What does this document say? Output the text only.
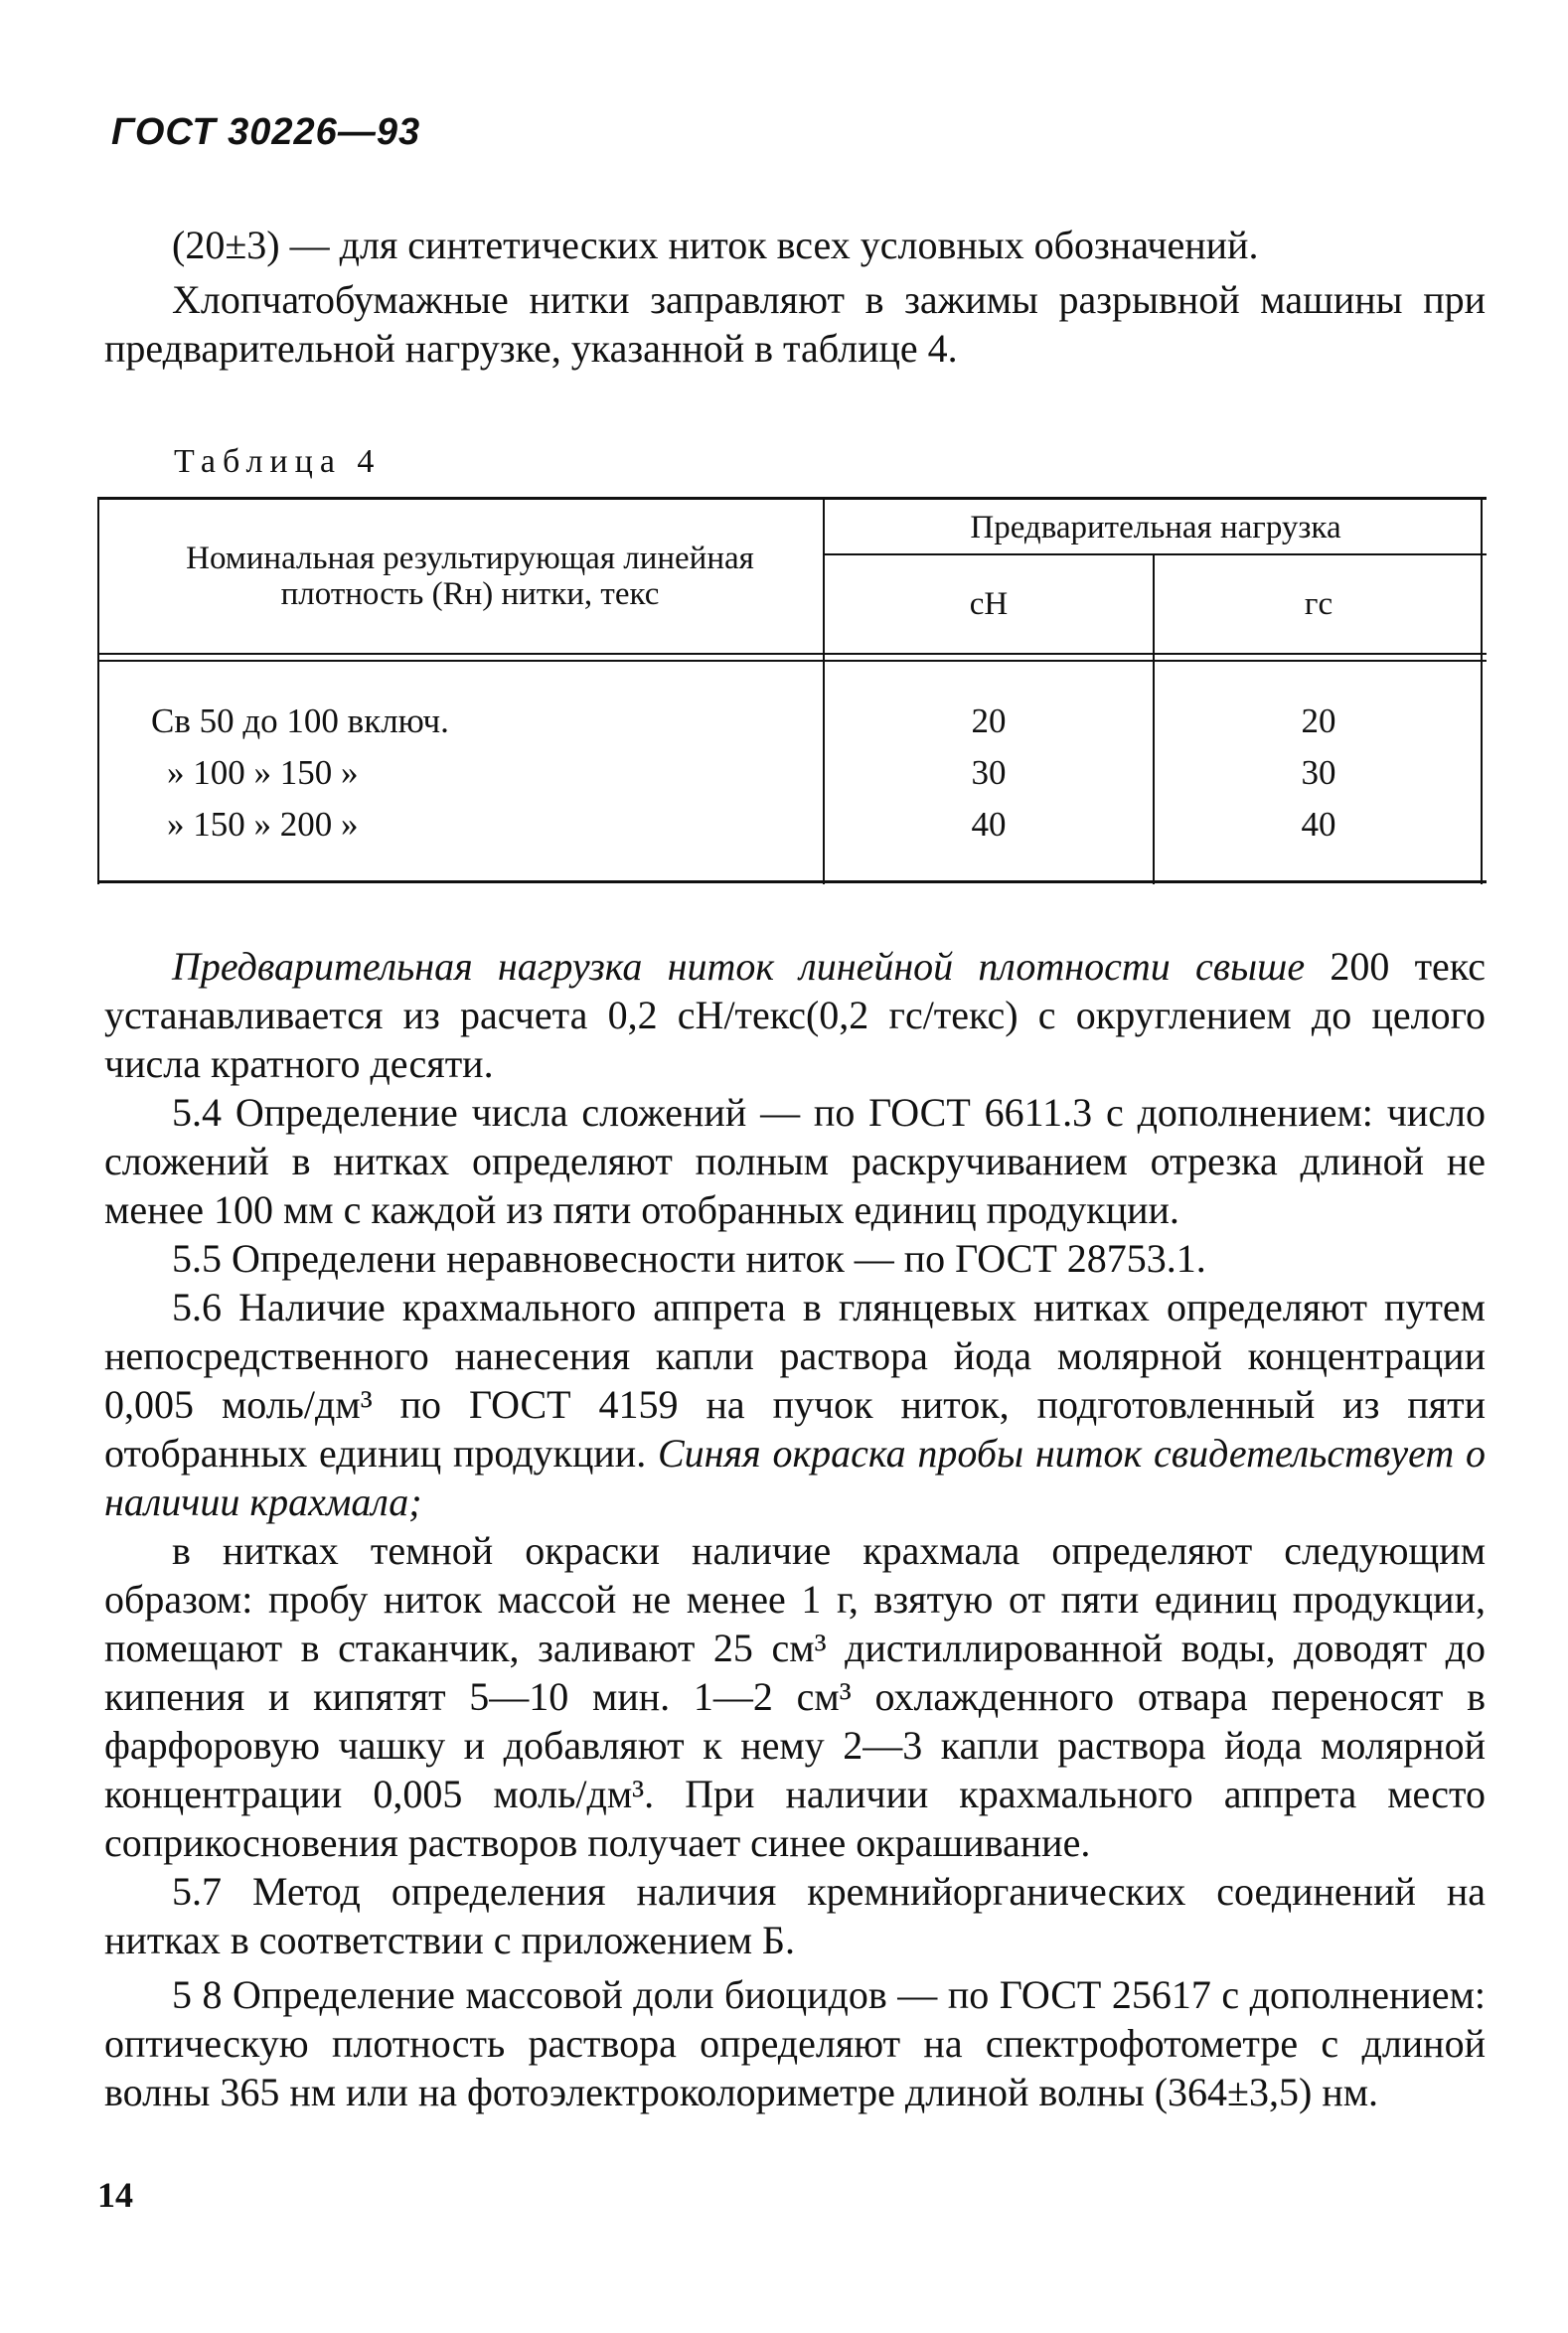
ГОСТ 30226—93

(20±3) — для синтетических ниток всех условных обозначений.

Хлопчатобумажные нитки заправляют в зажимы разрывной машины при предварительной нагрузке, указанной в таблице 4.

Таблица 4
Номинальная результирующая линейная плотность (Rн) нитки, текс
Предварительная нагрузка
сН	гс
Св 50 до 100 включ.	20	20
» 100 » 150 »	30	30
» 150 » 200 »	40	40

Предварительная нагрузка ниток линейной плотности свыше 200 текс устанавливается из расчета 0,2 сН/текс(0,2 гс/текс) с округлением до целого числа кратного десяти.

5.4 Определение числа сложений — по ГОСТ 6611.3 с дополнением: число сложений в нитках определяют полным раскручиванием отрезка длиной не менее 100 мм с каждой из пяти отобранных единиц продукции.

5.5 Определени неравновесности ниток — по ГОСТ 28753.1.

5.6 Наличие крахмального аппрета в глянцевых нитках определяют путем непосредственного нанесения капли раствора йода молярной концентрации 0,005 моль/дм³ по ГОСТ 4159 на пучок ниток, подготовленный из пяти отобранных единиц продукции. Синяя окраска пробы ниток свидетельствует о наличии крахмала;

в нитках темной окраски наличие крахмала определяют следующим образом: пробу ниток массой не менее 1 г, взятую от пяти единиц продукции, помещают в стаканчик, заливают 25 см³ дистиллированной воды, доводят до кипения и кипятят 5—10 мин. 1—2 см³ охлажденного отвара переносят в фарфоровую чашку и добавляют к нему 2—3 капли раствора йода молярной концентрации 0,005 моль/дм³. При наличии крахмального аппрета место соприкосновения растворов получает синее окрашивание.

5.7 Метод определения наличия кремнийорганических соединений на нитках в соответствии с приложением Б.

5 8 Определение массовой доли биоцидов — по ГОСТ 25617 с дополнением: оптическую плотность раствора определяют на спектрофотометре с длиной волны 365 нм или на фотоэлектроколориметре длиной волны (364±3,5) нм.

14
